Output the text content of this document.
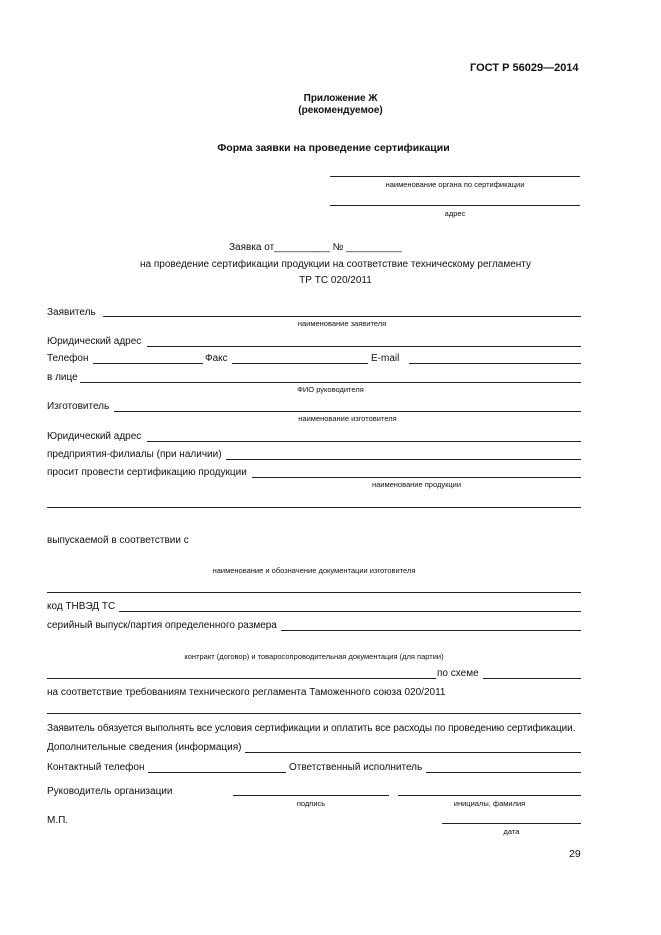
ГОСТ Р 56029—2014
Приложение Ж
(рекомендуемое)
Форма заявки на проведение сертификации
наименование органа по сертификации
адрес
Заявка от__________ № __________
на проведение сертификации продукции на соответствие техническому регламенту
ТР ТС 020/2011
Заявитель
наименование заявителя
Юридический адрес
Телефон	Факс	E-mail
в лице
ФИО руководителя
Изготовитель
наименование изготовителя
Юридический адрес
предприятия-филиалы (при наличии)
просит провести сертификацию продукции
наименование продукции
выпускаемой в соответствии с
наименование и обозначение документации изготовителя
код ТНВЭД ТС
серийный выпуск/партия определенного размера
контракт (договор) и товаросопроводительная документация (для партии)
по схеме
на соответствие требованиям технического регламента Таможенного союза 020/2011
Заявитель обязуется выполнять все условия сертификации и оплатить все расходы по проведению сертификации.
Дополнительные сведения (информация)
Контактный телефон	Ответственный исполнитель
Руководитель организации
подпись	инициалы, фамилия
М.П.
дата
29
